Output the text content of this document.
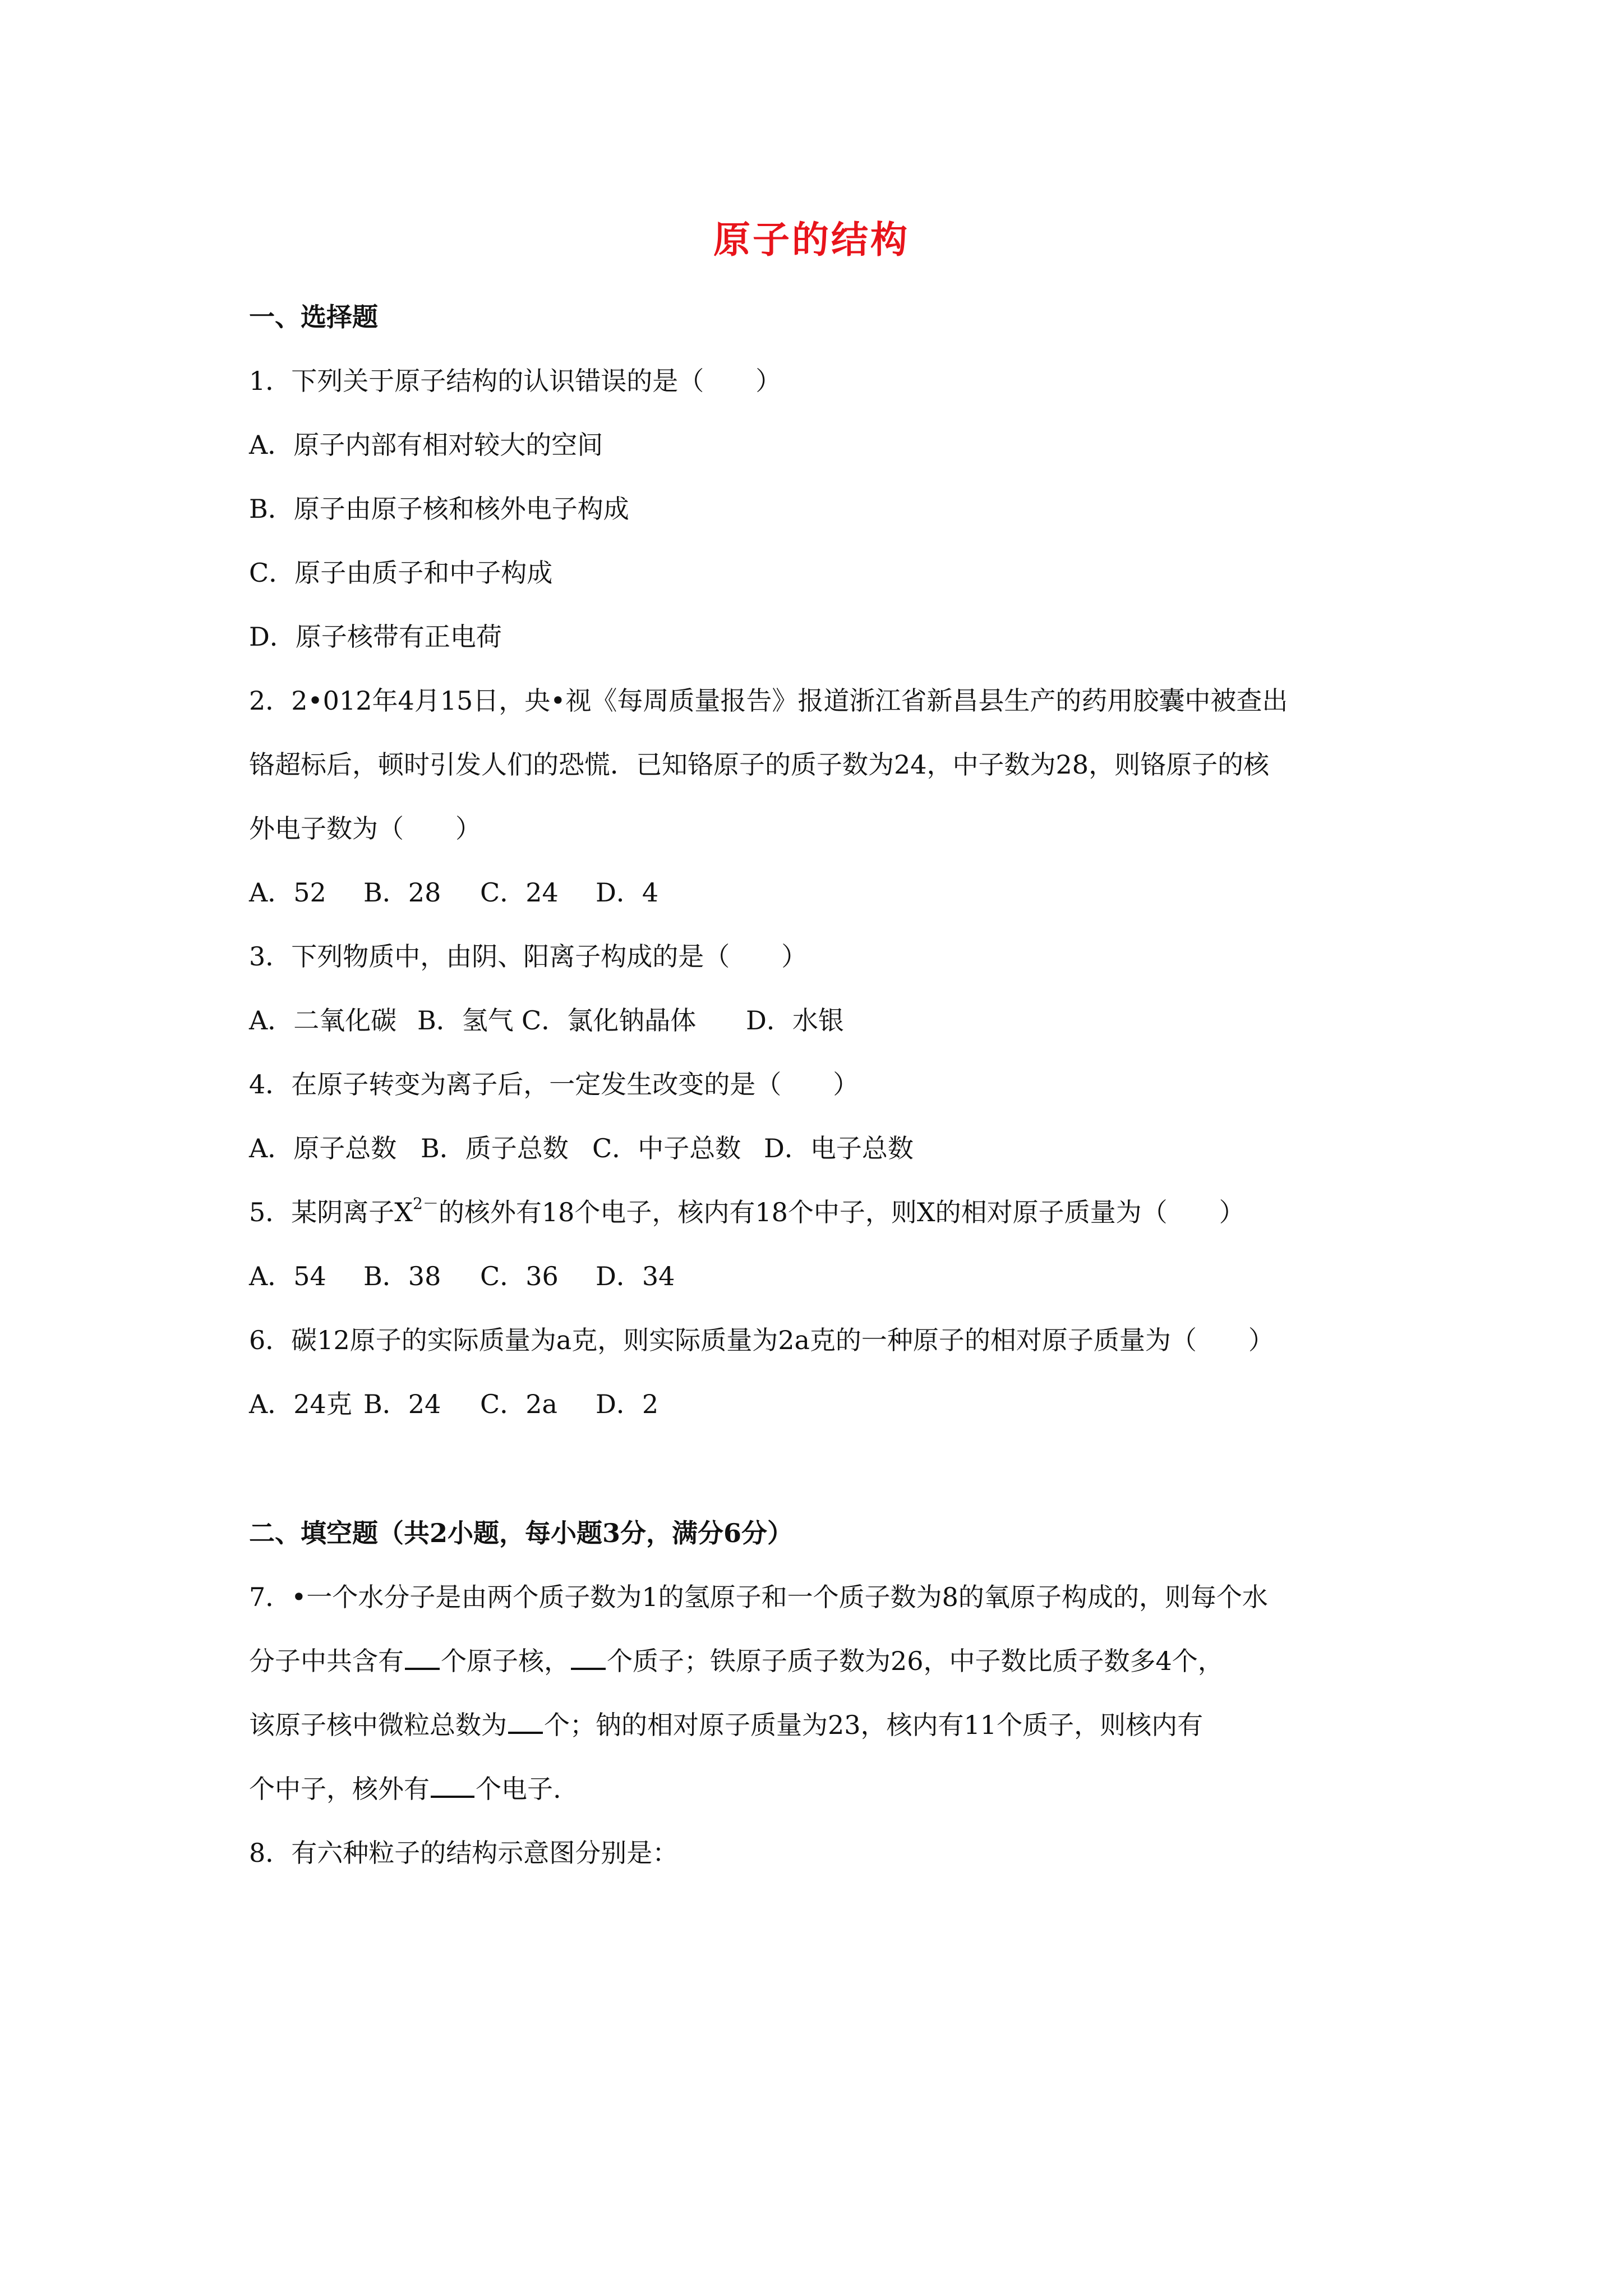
原子的结构
一、选择题
1．下列关于原子结构的认识错误的是（　　）
A．原子内部有相对较大的空间
B．原子由原子核和核外电子构成
C．原子由质子和中子构成
D．原子核带有正电荷
2．2•012年4月15日，央•视《每周质量报告》报道浙江省新昌县生产的药用胶囊中被查出
铬超标后，顿时引发人们的恐慌．已知铬原子的质子数为24，中子数为28，则铬原子的核
外电子数为（　　）
A．52 B．28 C．24 D．4
3．下列物质中，由阴、阳离子构成的是（　　）
A．二氧化碳 B．氢气 C．氯化钠晶体 D．水银
4．在原子转变为离子后，一定发生改变的是（　　）
A．原子总数 B．质子总数 C．中子总数 D．电子总数
5．某阴离子$X^{2-}$的核外有18个电子，核内有18个中子，则X的相对原子质量为（　　）
A．54 B．38 C．36 D．34
6．碳12原子的实际质量为a克，则实际质量为2a克的一种原子的相对原子质量为（　　）
A．24克 B．24 C．2a D．2
二、填空题（共2小题，每小题3分，满分6分）
7．•一个水分子是由两个质子数为1的氢原子和一个质子数为8的氧原子构成的，则每个水
分子中共含有 个原子核， 个质子；铁原子质子数为26，中子数比质子数多4个，
该原子核中微粒总数为 个；钠的相对原子质量为23，核内有11个质子，则核内有
个中子，核外有 个电子.
8．有六种粒子的结构示意图分别是：
